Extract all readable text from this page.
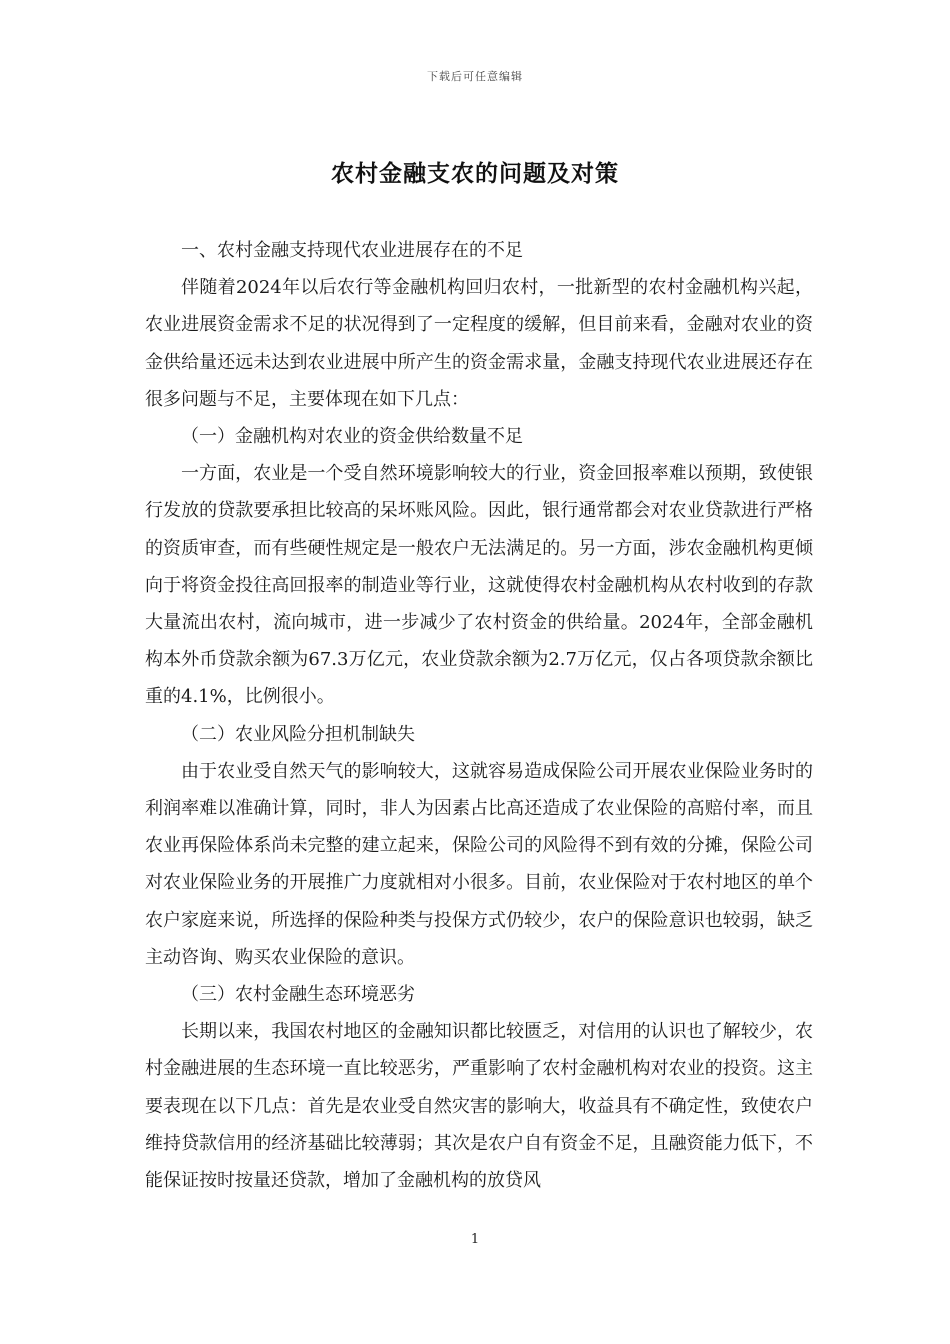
下载后可任意编辑
农村金融支农的问题及对策

一、农村金融支持现代农业进展存在的不足

伴随着2024年以后农行等金融机构回归农村，一批新型的农村金融机构兴起，农业进展资金需求不足的状况得到了一定程度的缓解，但目前来看，金融对农业的资金供给量还远未达到农业进展中所产生的资金需求量，金融支持现代农业进展还存在很多问题与不足，主要体现在如下几点：

（一）金融机构对农业的资金供给数量不足

一方面，农业是一个受自然环境影响较大的行业，资金回报率难以预期，致使银行发放的贷款要承担比较高的呆坏账风险。因此，银行通常都会对农业贷款进行严格的资质审查，而有些硬性规定是一般农户无法满足的。另一方面，涉农金融机构更倾向于将资金投往高回报率的制造业等行业，这就使得农村金融机构从农村收到的存款大量流出农村，流向城市，进一步减少了农村资金的供给量。2024年，全部金融机构本外币贷款余额为67.3万亿元，农业贷款余额为2.7万亿元，仅占各项贷款余额比重的4.1%，比例很小。

（二）农业风险分担机制缺失

由于农业受自然天气的影响较大，这就容易造成保险公司开展农业保险业务时的利润率难以准确计算，同时，非人为因素占比高还造成了农业保险的高赔付率，而且农业再保险体系尚未完整的建立起来，保险公司的风险得不到有效的分摊，保险公司对农业保险业务的开展推广力度就相对小很多。目前，农业保险对于农村地区的单个农户家庭来说，所选择的保险种类与投保方式仍较少，农户的保险意识也较弱，缺乏主动咨询、购买农业保险的意识。

（三）农村金融生态环境恶劣

长期以来，我国农村地区的金融知识都比较匮乏，对信用的认识也了解较少，农村金融进展的生态环境一直比较恶劣，严重影响了农村金融机构对农业的投资。这主要表现在以下几点：首先是农业受自然灾害的影响大，收益具有不确定性，致使农户维持贷款信用的经济基础比较薄弱；其次是农户自有资金不足，且融资能力低下，不能保证按时按量还贷款，增加了金融机构的放贷风

1
